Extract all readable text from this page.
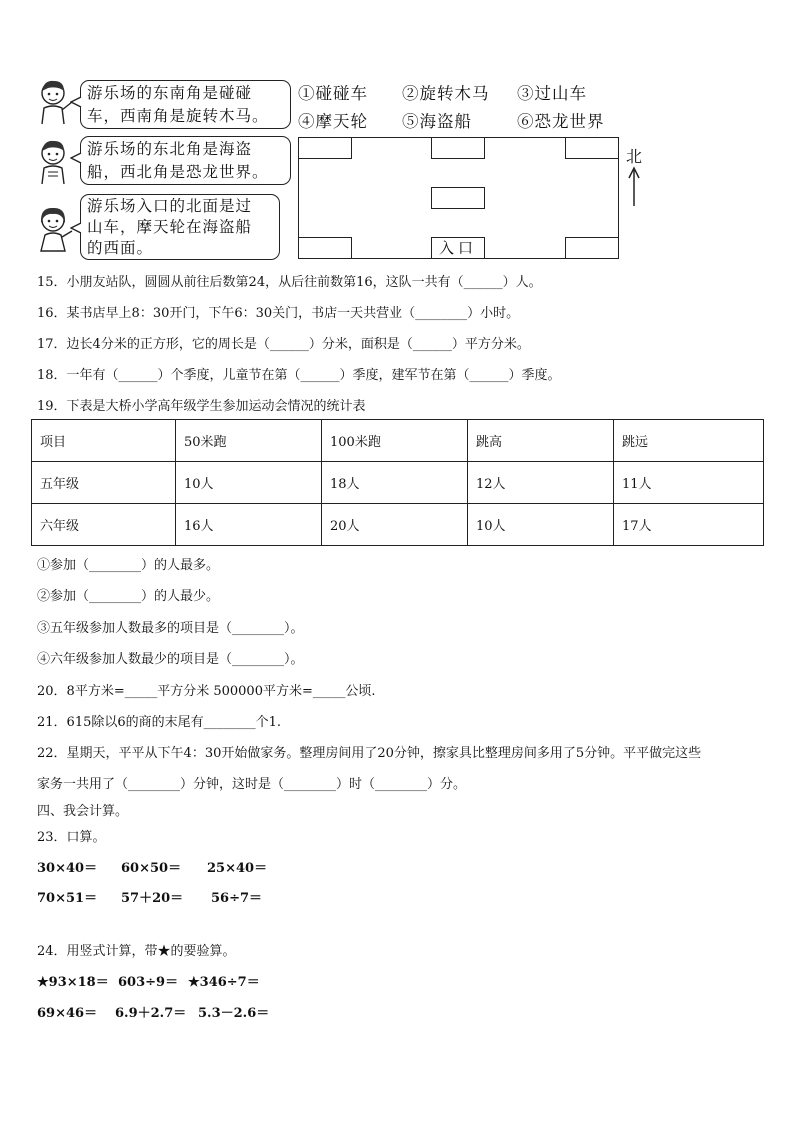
游乐场的东南角是碰碰
车，西南角是旋转木马。
游乐场的东北角是海盗
船，西北角是恐龙世界。
游乐场入口的北面是过
山车，摩天轮在海盗船
的西面。
①碰碰车 ②旋转木马 ③过山车
④摩天轮 ⑤海盗船	⑥恐龙世界
入口
北
15．小朋友站队，圆圆从前往后数第24，从后往前数第16，这队一共有（______）人。
16．某书店早上8：30开门，下午6：30关门，书店一天共营业（________）小时。
17．边长4分米的正方形，它的周长是（______）分米，面积是（______）平方分米。
18．一年有（______）个季度，儿童节在第（______）季度，建军节在第（______）季度。
19．下表是大桥小学高年级学生参加运动会情况的统计表
项目	50米跑	100米跑	跳高	跳远
五年级	10人	18人	12人	11人
六年级	16人	20人	10人	17人
①参加（________）的人最多。
②参加（________）的人最少。
③五年级参加人数最多的项目是（________）。
④六年级参加人数最少的项目是（________）。
20．8平方米=_____平方分米 500000平方米=_____公顷.
21．615除以6的商的末尾有________个1.
22．星期天，平平从下午4：30开始做家务。整理房间用了20分钟，擦家具比整理房间多用了5分钟。平平做完这些
家务一共用了（________）分钟，这时是（________）时（________）分。
四、我会计算。
23．口算。
30×40＝ 60×50＝ 25×40＝
70×51＝ 57＋20＝ 56÷7＝
24．用竖式计算，带★的要验算。
★93×18＝ 603÷9＝ ★346÷7＝
69×46＝ 6.9＋2.7＝ 5.3－2.6＝
